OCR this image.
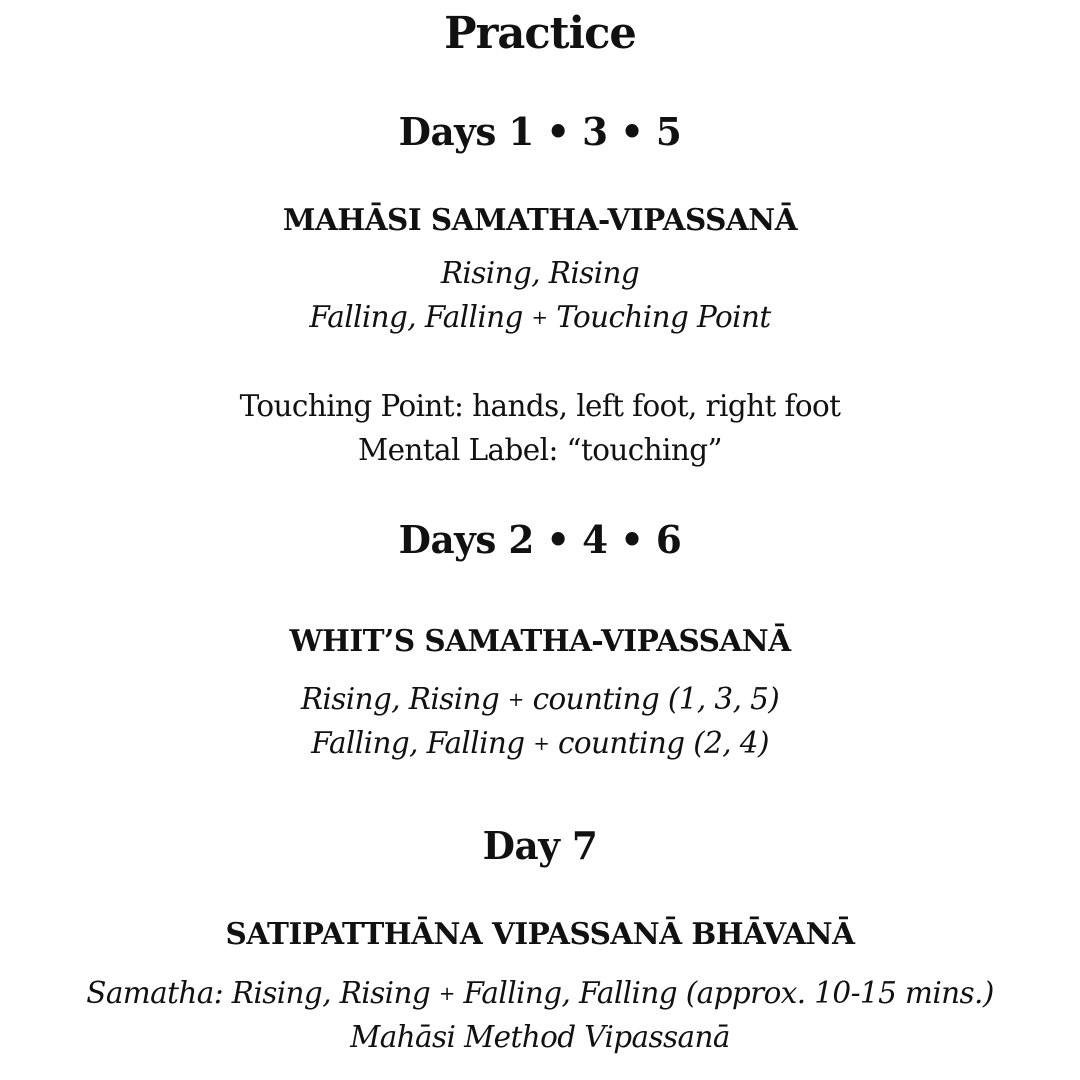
Practice
Days 1 • 3 • 5
MAHĀSI SAMATHA-VIPASSANĀ
Rising, Rising
Falling, Falling + Touching Point
Touching Point: hands, left foot, right foot
Mental Label: “touching”
Days 2 • 4 • 6
WHIT’S SAMATHA-VIPASSANĀ
Rising, Rising + counting (1, 3, 5)
Falling, Falling + counting (2, 4)
Day 7
SATIPATTHĀNA VIPASSANĀ BHĀVANĀ
Samatha: Rising, Rising + Falling, Falling (approx. 10-15 mins.)
Mahāsi Method Vipassanā
